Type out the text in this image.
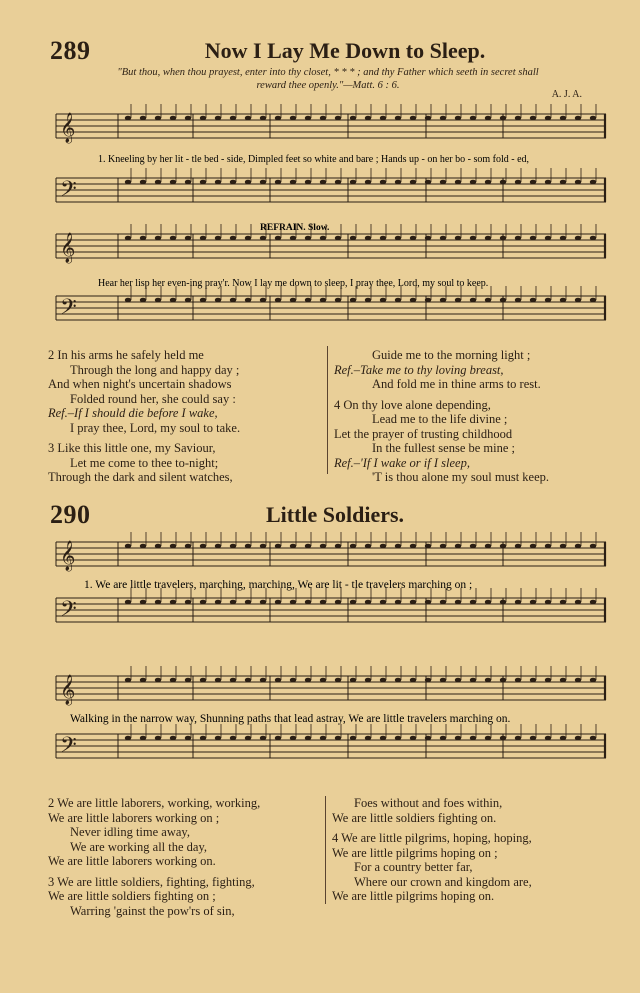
289	Now I Lay Me Down to Sleep.
"But thou, when thou prayest, enter into thy closet, * * * ; and thy Father which seeth in secret shall
reward thee openly."—Matt. 6 : 6.
A. J. A.
𝄞
𝄢
1. Kneeling by her lit - tle bed - side, Dimpled feet so white and bare ; Hands up - on her bo - som fold - ed,
REFRAIN. Slow.
𝄞
𝄢
Hear her lisp her even-ing pray'r. Now I lay me down to sleep, I pray thee, Lord, my soul to keep.
2 In his arms he safely held me
Through the long and happy day ;
And when night's uncertain shadows
Folded round her, she could say :
Ref.–If I should die before I wake,
I pray thee, Lord, my soul to take.
3 Like this little one, my Saviour,
Let me come to thee to-night;
Through the dark and silent watches,
Guide me to the morning light ;
Ref.–Take me to thy loving breast,
And fold me in thine arms to rest.
4 On thy love alone depending,
Lead me to the life divine ;
Let the prayer of trusting childhood
In the fullest sense be mine ;
Ref.–'If I wake or if I sleep,
'T is thou alone my soul must keep.
290	Little Soldiers.
𝄞
𝄢
1. We are little travelers, marching, marching, We are lit - tle travelers marching on ;
𝄞
𝄢
Walking in the narrow way, Shunning paths that lead astray, We are little travelers marching on.
2 We are little laborers, working, working,
We are little laborers working on ;
Never idling time away,
We are working all the day,
We are little laborers working on.
3 We are little soldiers, fighting, fighting,
We are little soldiers fighting on ;
Warring 'gainst the pow'rs of sin,
Foes without and foes within,
We are little soldiers fighting on.
4 We are little pilgrims, hoping, hoping,
We are little pilgrims hoping on ;
For a country better far,
Where our crown and kingdom are,
We are little pilgrims hoping on.
